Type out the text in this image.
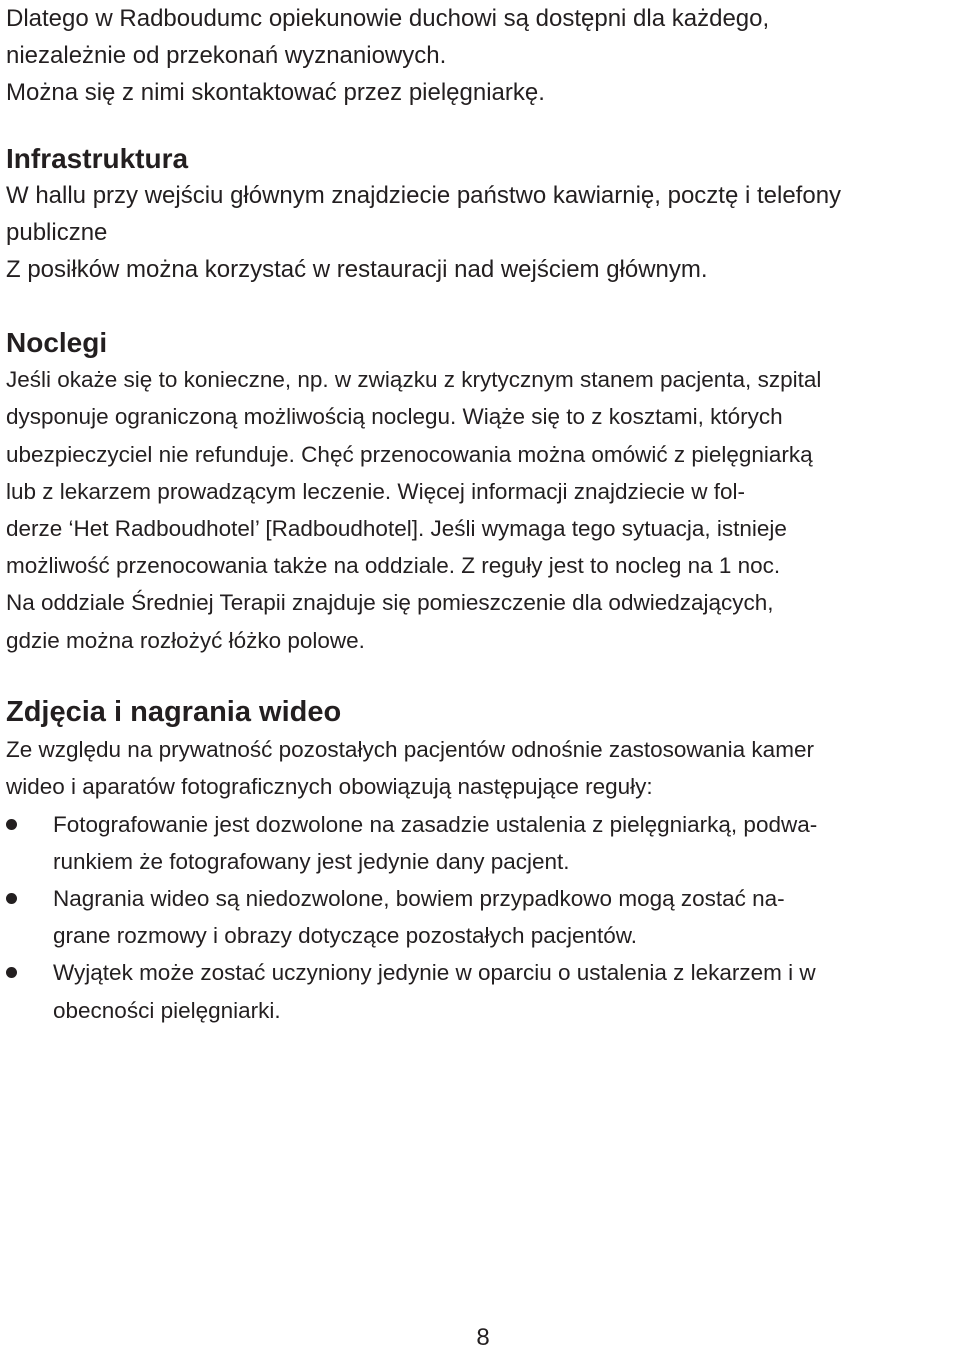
Dlatego w Radboudumc opiekunowie duchowi są dostępni dla każdego,
niezależnie od przekonań wyznaniowych.
Można się z nimi skontaktować przez pielęgniarkę.
Infrastruktura
W hallu przy wejściu głównym znajdziecie państwo kawiarnię, pocztę i telefony
publiczne
Z posiłków można korzystać w restauracji nad wejściem głównym.
Noclegi
Jeśli okaże się to konieczne, np. w związku z krytycznym stanem pacjenta, szpital
dysponuje ograniczoną możliwością noclegu. Wiąże się to z kosztami, których
ubezpieczyciel nie refunduje. Chęć przenocowania można omówić z pielęgniarką
lub z lekarzem prowadzącym leczenie. Więcej informacji znajdziecie w fol-
derze ‘Het Radboudhotel’ [Radboudhotel]. Jeśli wymaga tego sytuacja, istnieje
możliwość przenocowania także na oddziale. Z reguły jest to nocleg na 1 noc.
Na oddziale Średniej Terapii znajduje się pomieszczenie dla odwiedzających,
gdzie można rozłożyć łóżko polowe.
Zdjęcia i nagrania wideo
Ze względu na prywatność pozostałych pacjentów odnośnie zastosowania kamer
wideo i aparatów fotograficznych obowiązują następujące reguły:
Fotografowanie jest dozwolone na zasadzie ustalenia z pielęgniarką, podwa-
runkiem że fotografowany jest jedynie dany pacjent.
Nagrania wideo są niedozwolone, bowiem przypadkowo mogą zostać na-
grane rozmowy i obrazy dotyczące pozostałych pacjentów.
Wyjątek może zostać uczyniony jedynie w oparciu o ustalenia z lekarzem i w
obecności pielęgniarki.
8
